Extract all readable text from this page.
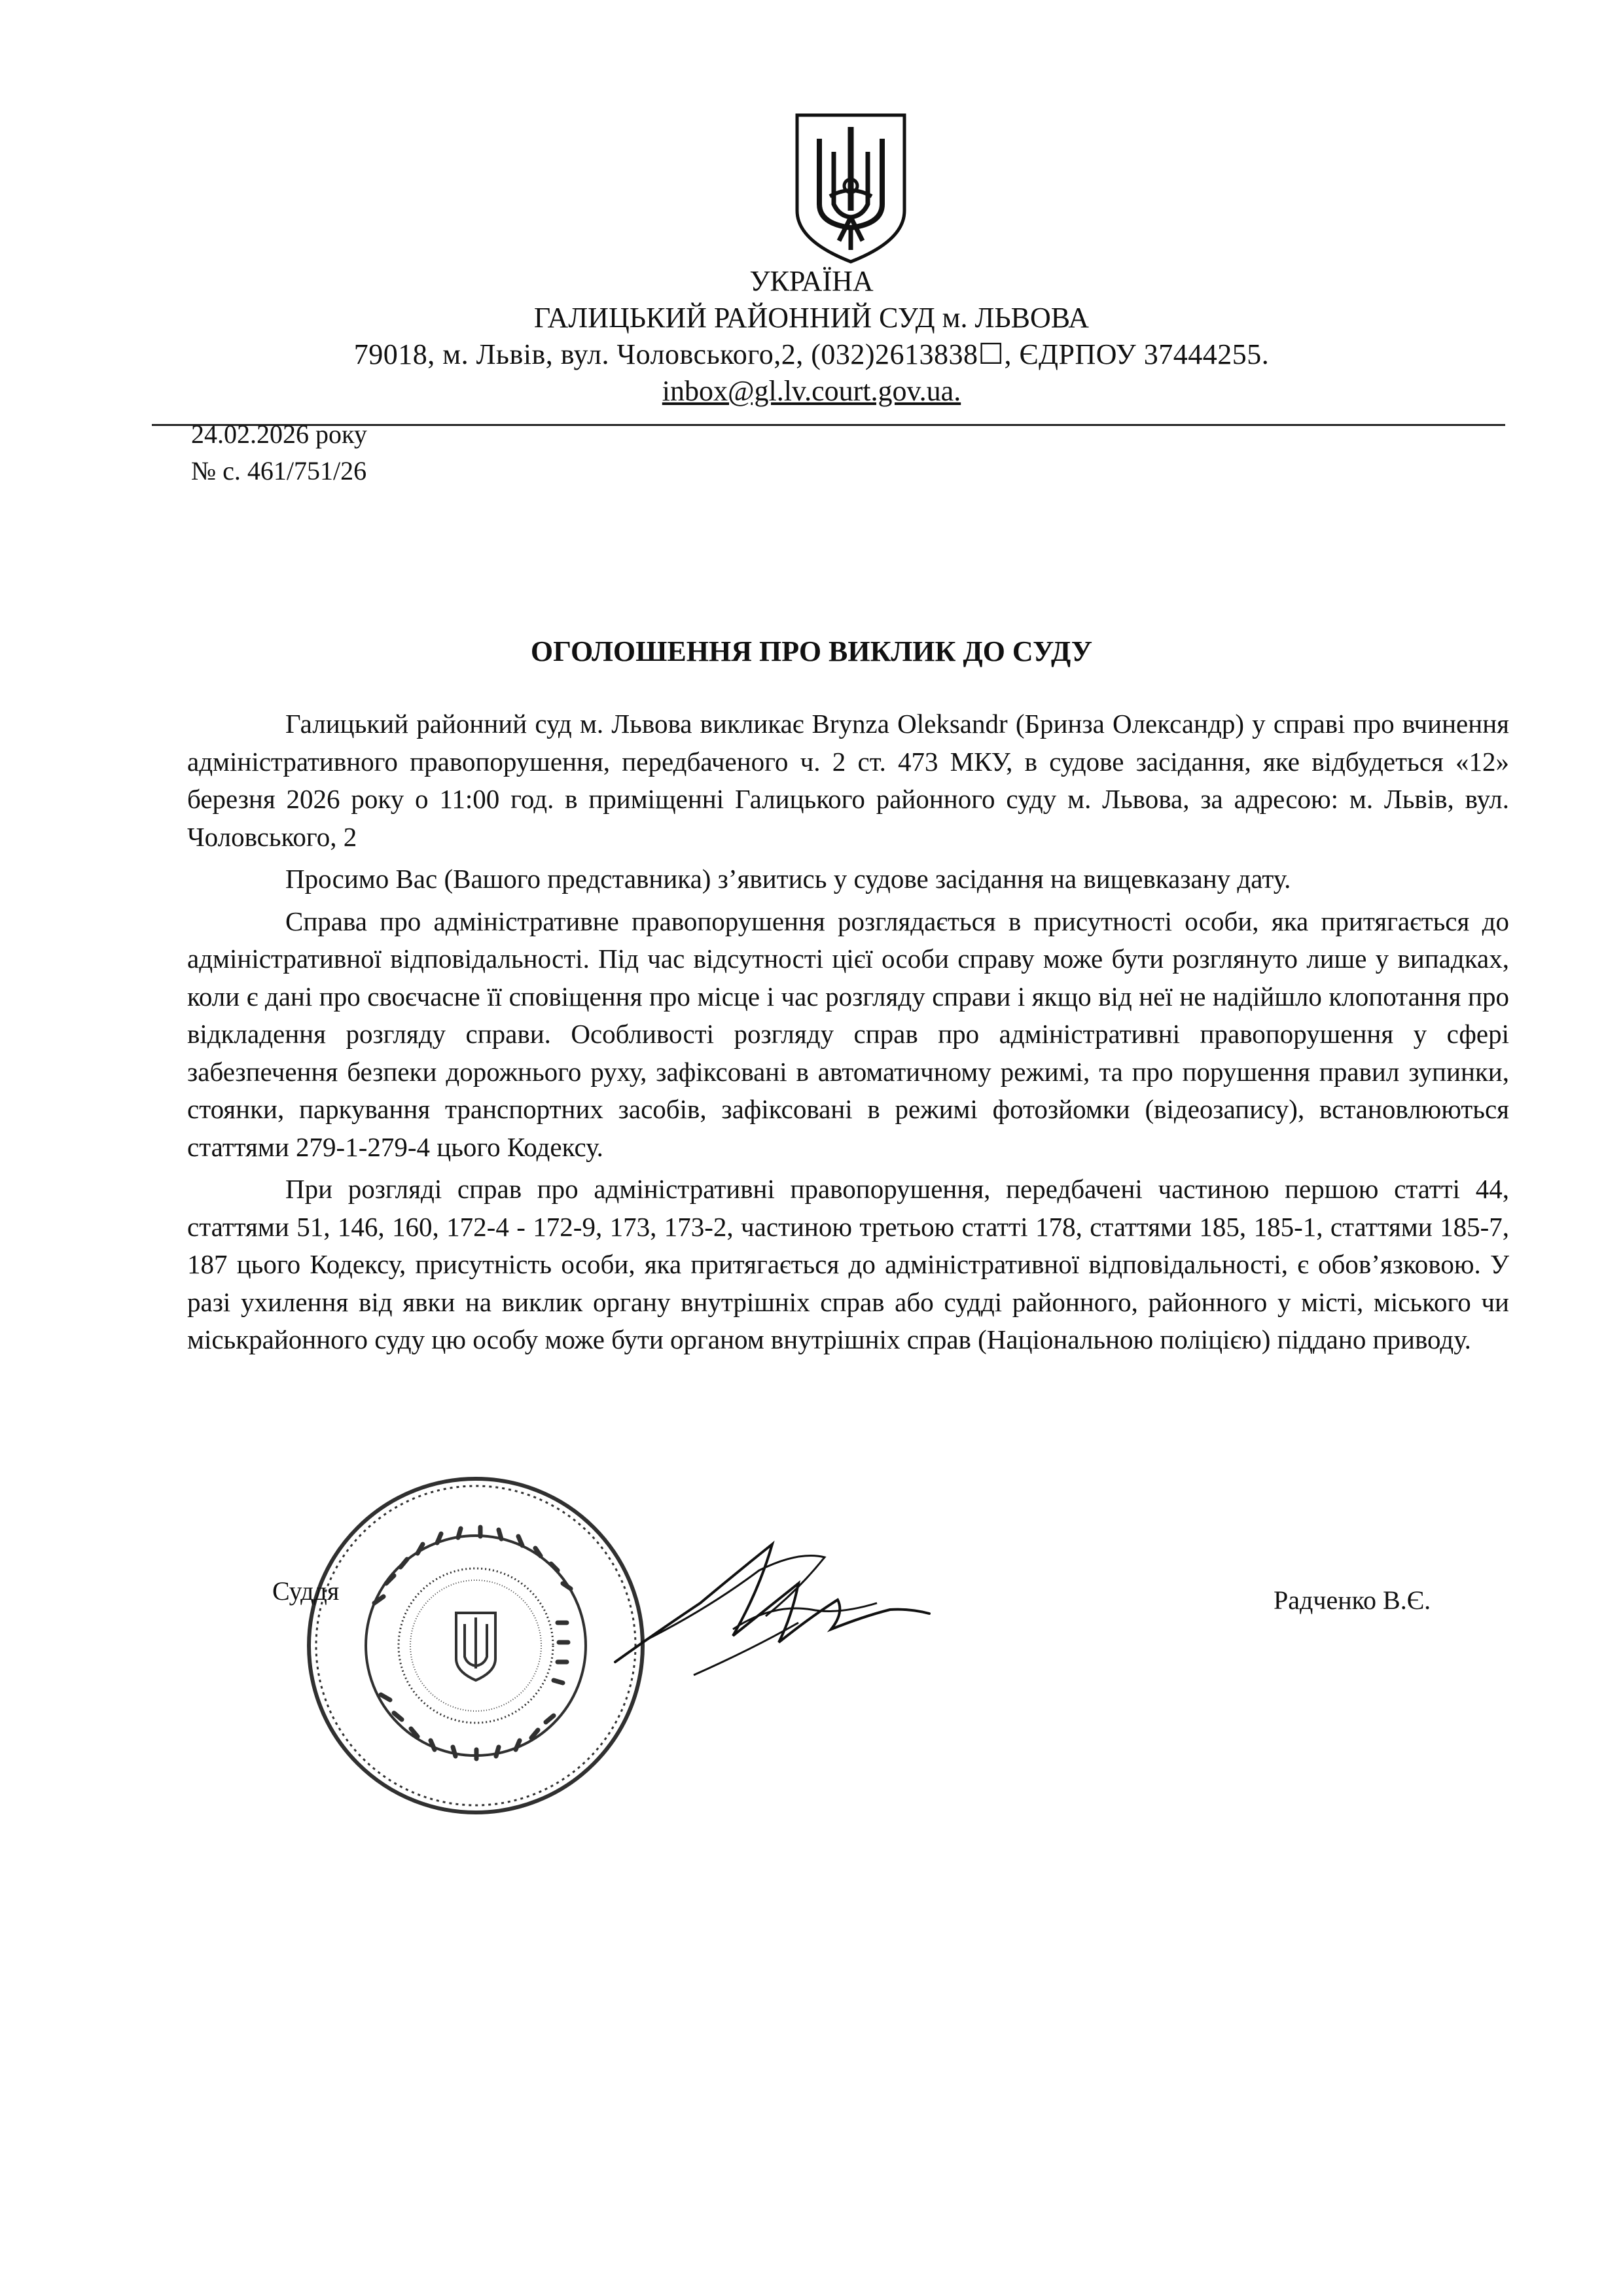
УКРАЇНА
ГАЛИЦЬКИЙ РАЙОННИЙ СУД м. ЛЬВОВА
79018, м. Львів, вул. Чоловського,2, (032)2613838☐, ЄДРПОУ 37444255.
inbox@gl.lv.court.gov.ua.
24.02.2026 року
№ с. 461/751/26
ОГОЛОШЕННЯ ПРО ВИКЛИК ДО СУДУ

Галицький районний суд м. Львова викликає Brynza Oleksandr (Бринза Олександр) у справі про вчинення адміністративного правопорушення, передбаченого ч. 2 ст. 473 МКУ, в судове засідання, яке відбудеться «12» березня 2026 року о 11:00 год. в приміщенні Галицького районного суду м. Львова, за адресою: м. Львів, вул. Чоловського, 2

Просимо Вас (Вашого представника) з’явитись у судове засідання на вищевказану дату.

Справа про адміністративне правопорушення розглядається в присутності особи, яка притягається до адміністративної відповідальності. Під час відсутності цієї особи справу може бути розглянуто лише у випадках, коли є дані про своєчасне її сповіщення про місце і час розгляду справи і якщо від неї не надійшло клопотання про відкладення розгляду справи. Особливості розгляду справ про адміністративні правопорушення у сфері забезпечення безпеки дорожнього руху, зафіксовані в автоматичному режимі, та про порушення правил зупинки, стоянки, паркування транспортних засобів, зафіксовані в режимі фотозйомки (відеозапису), встановлюються статтями 279-1-279-4 цього Кодексу.

При розгляді справ про адміністративні правопорушення, передбачені частиною першою статті 44, статтями 51, 146, 160, 172-4 - 172-9, 173, 173-2, частиною третьою статті 178, статтями 185, 185-1, статтями 185-7, 187 цього Кодексу, присутність особи, яка притягається до адміністративної відповідальності, є обов’язковою. У разі ухилення від явки на виклик органу внутрішніх справ або судді районного, районного у місті, міського чи міськрайонного суду цю особу може бути органом внутрішніх справ (Національною поліцією) піддано приводу.

Суддя	Радченко В.Є.
